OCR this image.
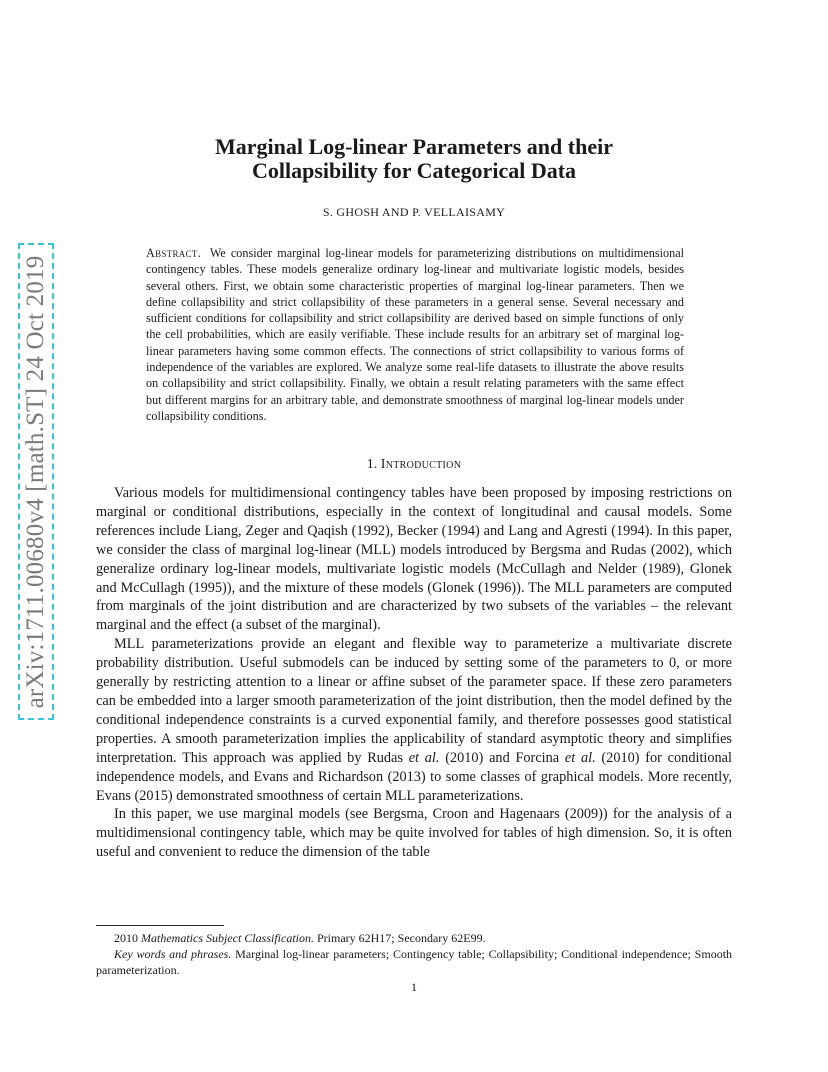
arXiv:1711.00680v4 [math.ST] 24 Oct 2019
Marginal Log-linear Parameters and their
Collapsibility for Categorical Data
S. GHOSH AND P. VELLAISAMY
Abstract. We consider marginal log-linear models for parameterizing distributions on multidimensional contingency tables. These models generalize ordinary log-linear and multivariate logistic models, besides several others. First, we obtain some characteristic properties of marginal log-linear parameters. Then we define collapsibility and strict collapsibility of these parameters in a general sense. Several necessary and sufficient conditions for collapsibility and strict collapsibility are derived based on simple functions of only the cell probabilities, which are easily verifiable. These include results for an arbitrary set of marginal log-linear parameters having some common effects. The connections of strict collapsibility to various forms of independence of the variables are explored. We analyze some real-life datasets to illustrate the above results on collapsibility and strict collapsibility. Finally, we obtain a result relating parameters with the same effect but different margins for an arbitrary table, and demonstrate smoothness of marginal log-linear models under collapsibility conditions.
1. Introduction

Various models for multidimensional contingency tables have been proposed by imposing restrictions on marginal or conditional distributions, especially in the context of longitudinal and causal models. Some references include Liang, Zeger and Qaqish (1992), Becker (1994) and Lang and Agresti (1994). In this paper, we consider the class of marginal log-linear (MLL) models introduced by Bergsma and Rudas (2002), which generalize ordinary log-linear models, multivariate logistic models (McCullagh and Nelder (1989), Glonek and McCullagh (1995)), and the mixture of these models (Glonek (1996)). The MLL parameters are computed from marginals of the joint distribution and are characterized by two subsets of the variables – the relevant marginal and the effect (a subset of the marginal).

MLL parameterizations provide an elegant and flexible way to parameterize a multivariate discrete probability distribution. Useful submodels can be induced by setting some of the parameters to 0, or more generally by restricting attention to a linear or affine subset of the parameter space. If these zero parameters can be embedded into a larger smooth parameterization of the joint distribution, then the model defined by the conditional independence constraints is a curved exponential family, and therefore possesses good statistical properties. A smooth parameterization implies the applicability of standard asymptotic theory and simplifies interpretation. This approach was applied by Rudas et al. (2010) and Forcina et al. (2010) for conditional independence models, and Evans and Richardson (2013) to some classes of graphical models. More recently, Evans (2015) demonstrated smoothness of certain MLL parameterizations.

In this paper, we use marginal models (see Bergsma, Croon and Hagenaars (2009)) for the analysis of a multidimensional contingency table, which may be quite involved for tables of high dimension. So, it is often useful and convenient to reduce the dimension of the table

2010 Mathematics Subject Classification. Primary 62H17; Secondary 62E99.

Key words and phrases. Marginal log-linear parameters; Contingency table; Collapsibility; Conditional independence; Smooth parameterization.

1
